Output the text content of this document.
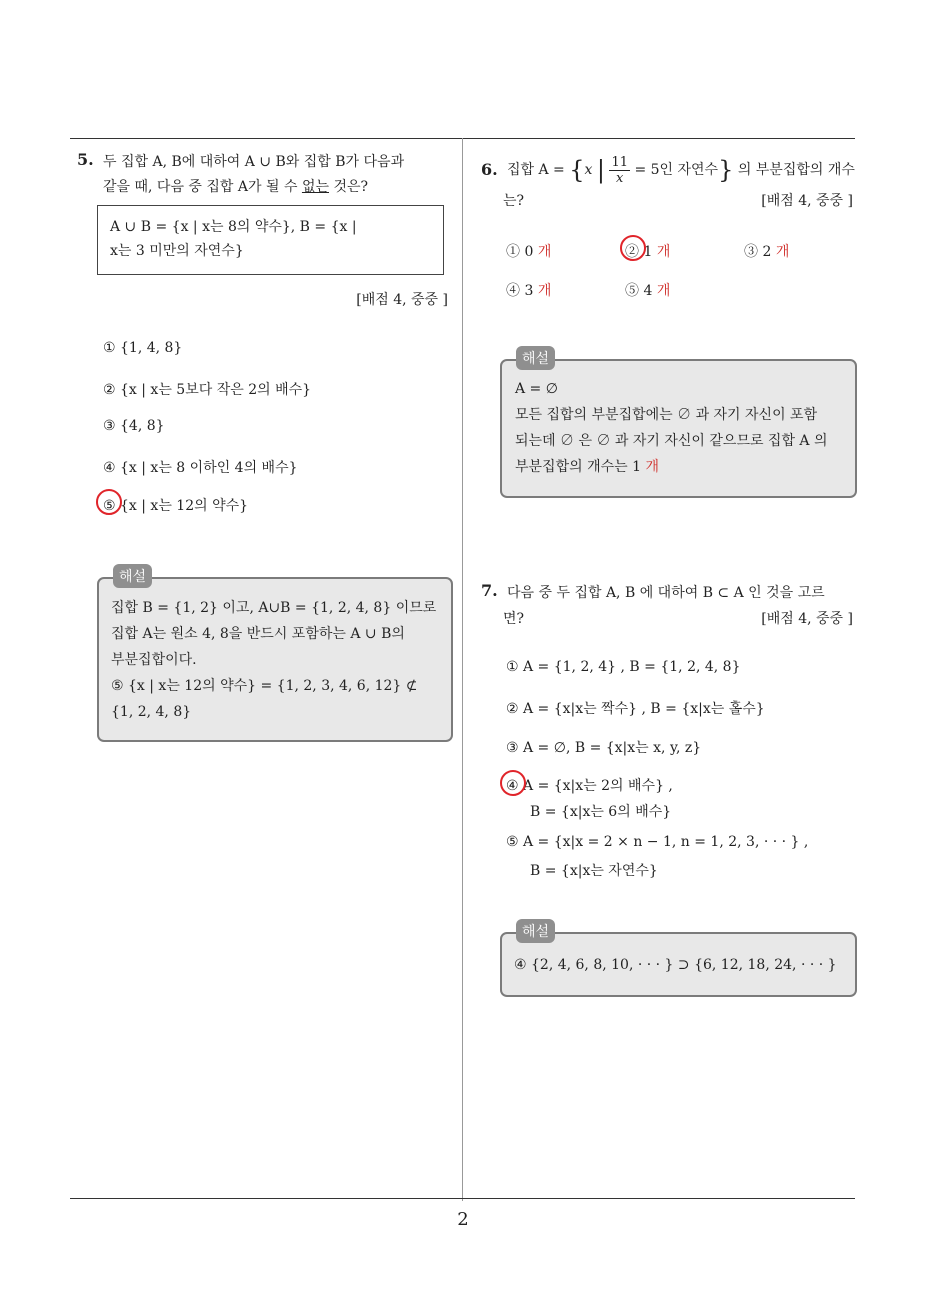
2
5. 두 집합 A, B에 대하여 A ∪ B와 집합 B가 다음과
같을 때, 다음 중 집합 A가 될 수 없는 것은?
A ∪ B = {x | x는 8의 약수}, B = {x |
x는 3 미만의 자연수}
[배점 4, 중중 ]
① {1, 4, 8}
② {x | x는 5보다 작은 2의 배수}
③ {4, 8}
④ {x | x는 8 이하인 4의 배수}
⑤ {x | x는 12의 약수}
해설
집합 B = {1, 2} 이고, A∪B = {1, 2, 4, 8} 이므로
집합 A는 원소 4, 8을 반드시 포함하는 A ∪ B의
부분집합이다.
⑤ {x | x는 12의 약수} = {1, 2, 3, 4, 6, 12} ⊄
{1, 2, 4, 8}
6. 집합 A = {x | $\frac{11}{x} = 5$인 자연수} 의 부분집합의 개수
는?	[배점 4, 중중 ]
① 0 개	② 1 개	③ 2 개
④ 3 개	⑤ 4 개
해설
A = ∅
모든 집합의 부분집합에는 ∅ 과 자기 자신이 포함
되는데 ∅ 은 ∅ 과 자기 자신이 같으므로 집합 A 의
부분집합의 개수는 1 개
7. 다음 중 두 집합 A, B 에 대하여 B ⊂ A 인 것을 고르
면?	[배점 4, 중중 ]
① A = {1, 2, 4} , B = {1, 2, 4, 8}
② A = {x|x는 짝수} , B = {x|x는 홀수}
③ A = ∅, B = {x|x는 x, y, z}
④ A = {x|x는 2의 배수} ,
B = {x|x는 6의 배수}
⑤ A = {x|x = 2 × n − 1, n = 1, 2, 3, · · · } ,
B = {x|x는 자연수}
해설
④ {2, 4, 6, 8, 10, · · · } ⊃ {6, 12, 18, 24, · · · }
